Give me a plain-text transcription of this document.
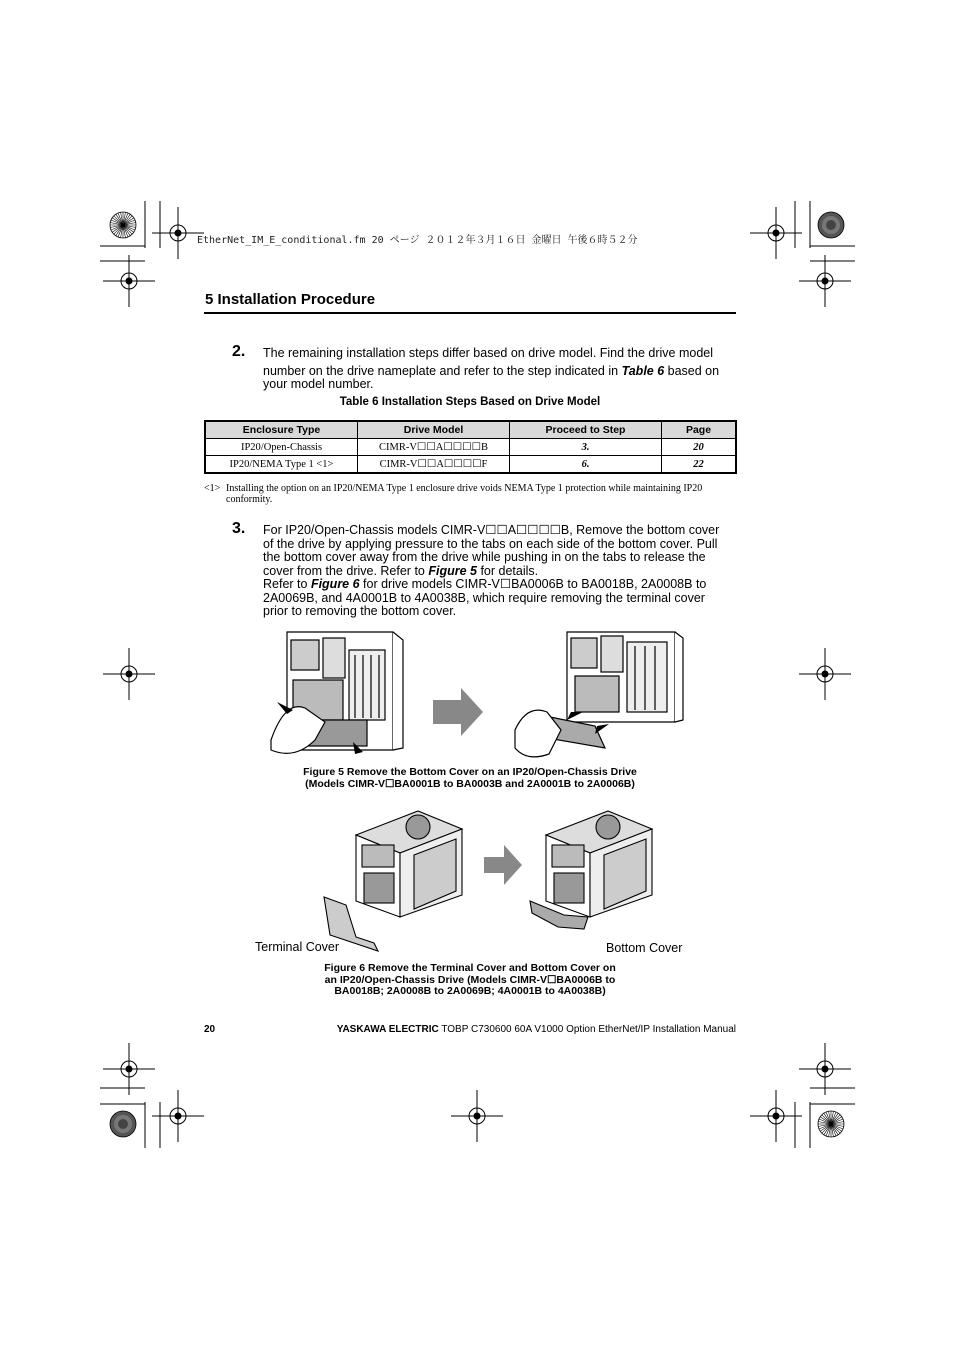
EtherNet_IM_E_conditional.fm 20 ページ ２０１２年３月１６日 金曜日 午後６時５２分
5 Installation Procedure
2. The remaining installation steps differ based on drive model. Find the drive model
number on the drive nameplate and refer to the step indicated in Table 6 based on
your model number.
Table 6 Installation Steps Based on Drive Model
Enclosure Type	Drive Model	Proceed to Step	Page
IP20/Open-Chassis	CIMR-V☐☐A☐☐☐☐B	3.	20
IP20/NEMA Type 1 <1>	CIMR-V☐☐A☐☐☐☐F	6.	22
<1> Installing the option on an IP20/NEMA Type 1 enclosure drive voids NEMA Type 1 protection while maintaining IP20 conformity.
3. For IP20/Open-Chassis models CIMR-V☐☐A☐☐☐☐B, Remove the bottom cover
of the drive by applying pressure to the tabs on each side of the bottom cover. Pull
the bottom cover away from the drive while pushing in on the tabs to release the
cover from the drive. Refer to Figure 5 for details.
Refer to Figure 6 for drive models CIMR-V☐BA0006B to BA0018B, 2A0008B to
2A0069B, and 4A0001B to 4A0038B, which require removing the terminal cover
prior to removing the bottom cover.
Figure 5 Remove the Bottom Cover on an IP20/Open-Chassis Drive
(Models CIMR-V☐BA0001B to BA0003B and 2A0001B to 2A0006B)
Terminal Cover	Bottom Cover
Figure 6 Remove the Terminal Cover and Bottom Cover on
an IP20/Open-Chassis Drive (Models CIMR-V☐BA0006B to
BA0018B; 2A0008B to 2A0069B; 4A0001B to 4A0038B)
20	YASKAWA ELECTRIC TOBP C730600 60A V1000 Option EtherNet/IP Installation Manual
